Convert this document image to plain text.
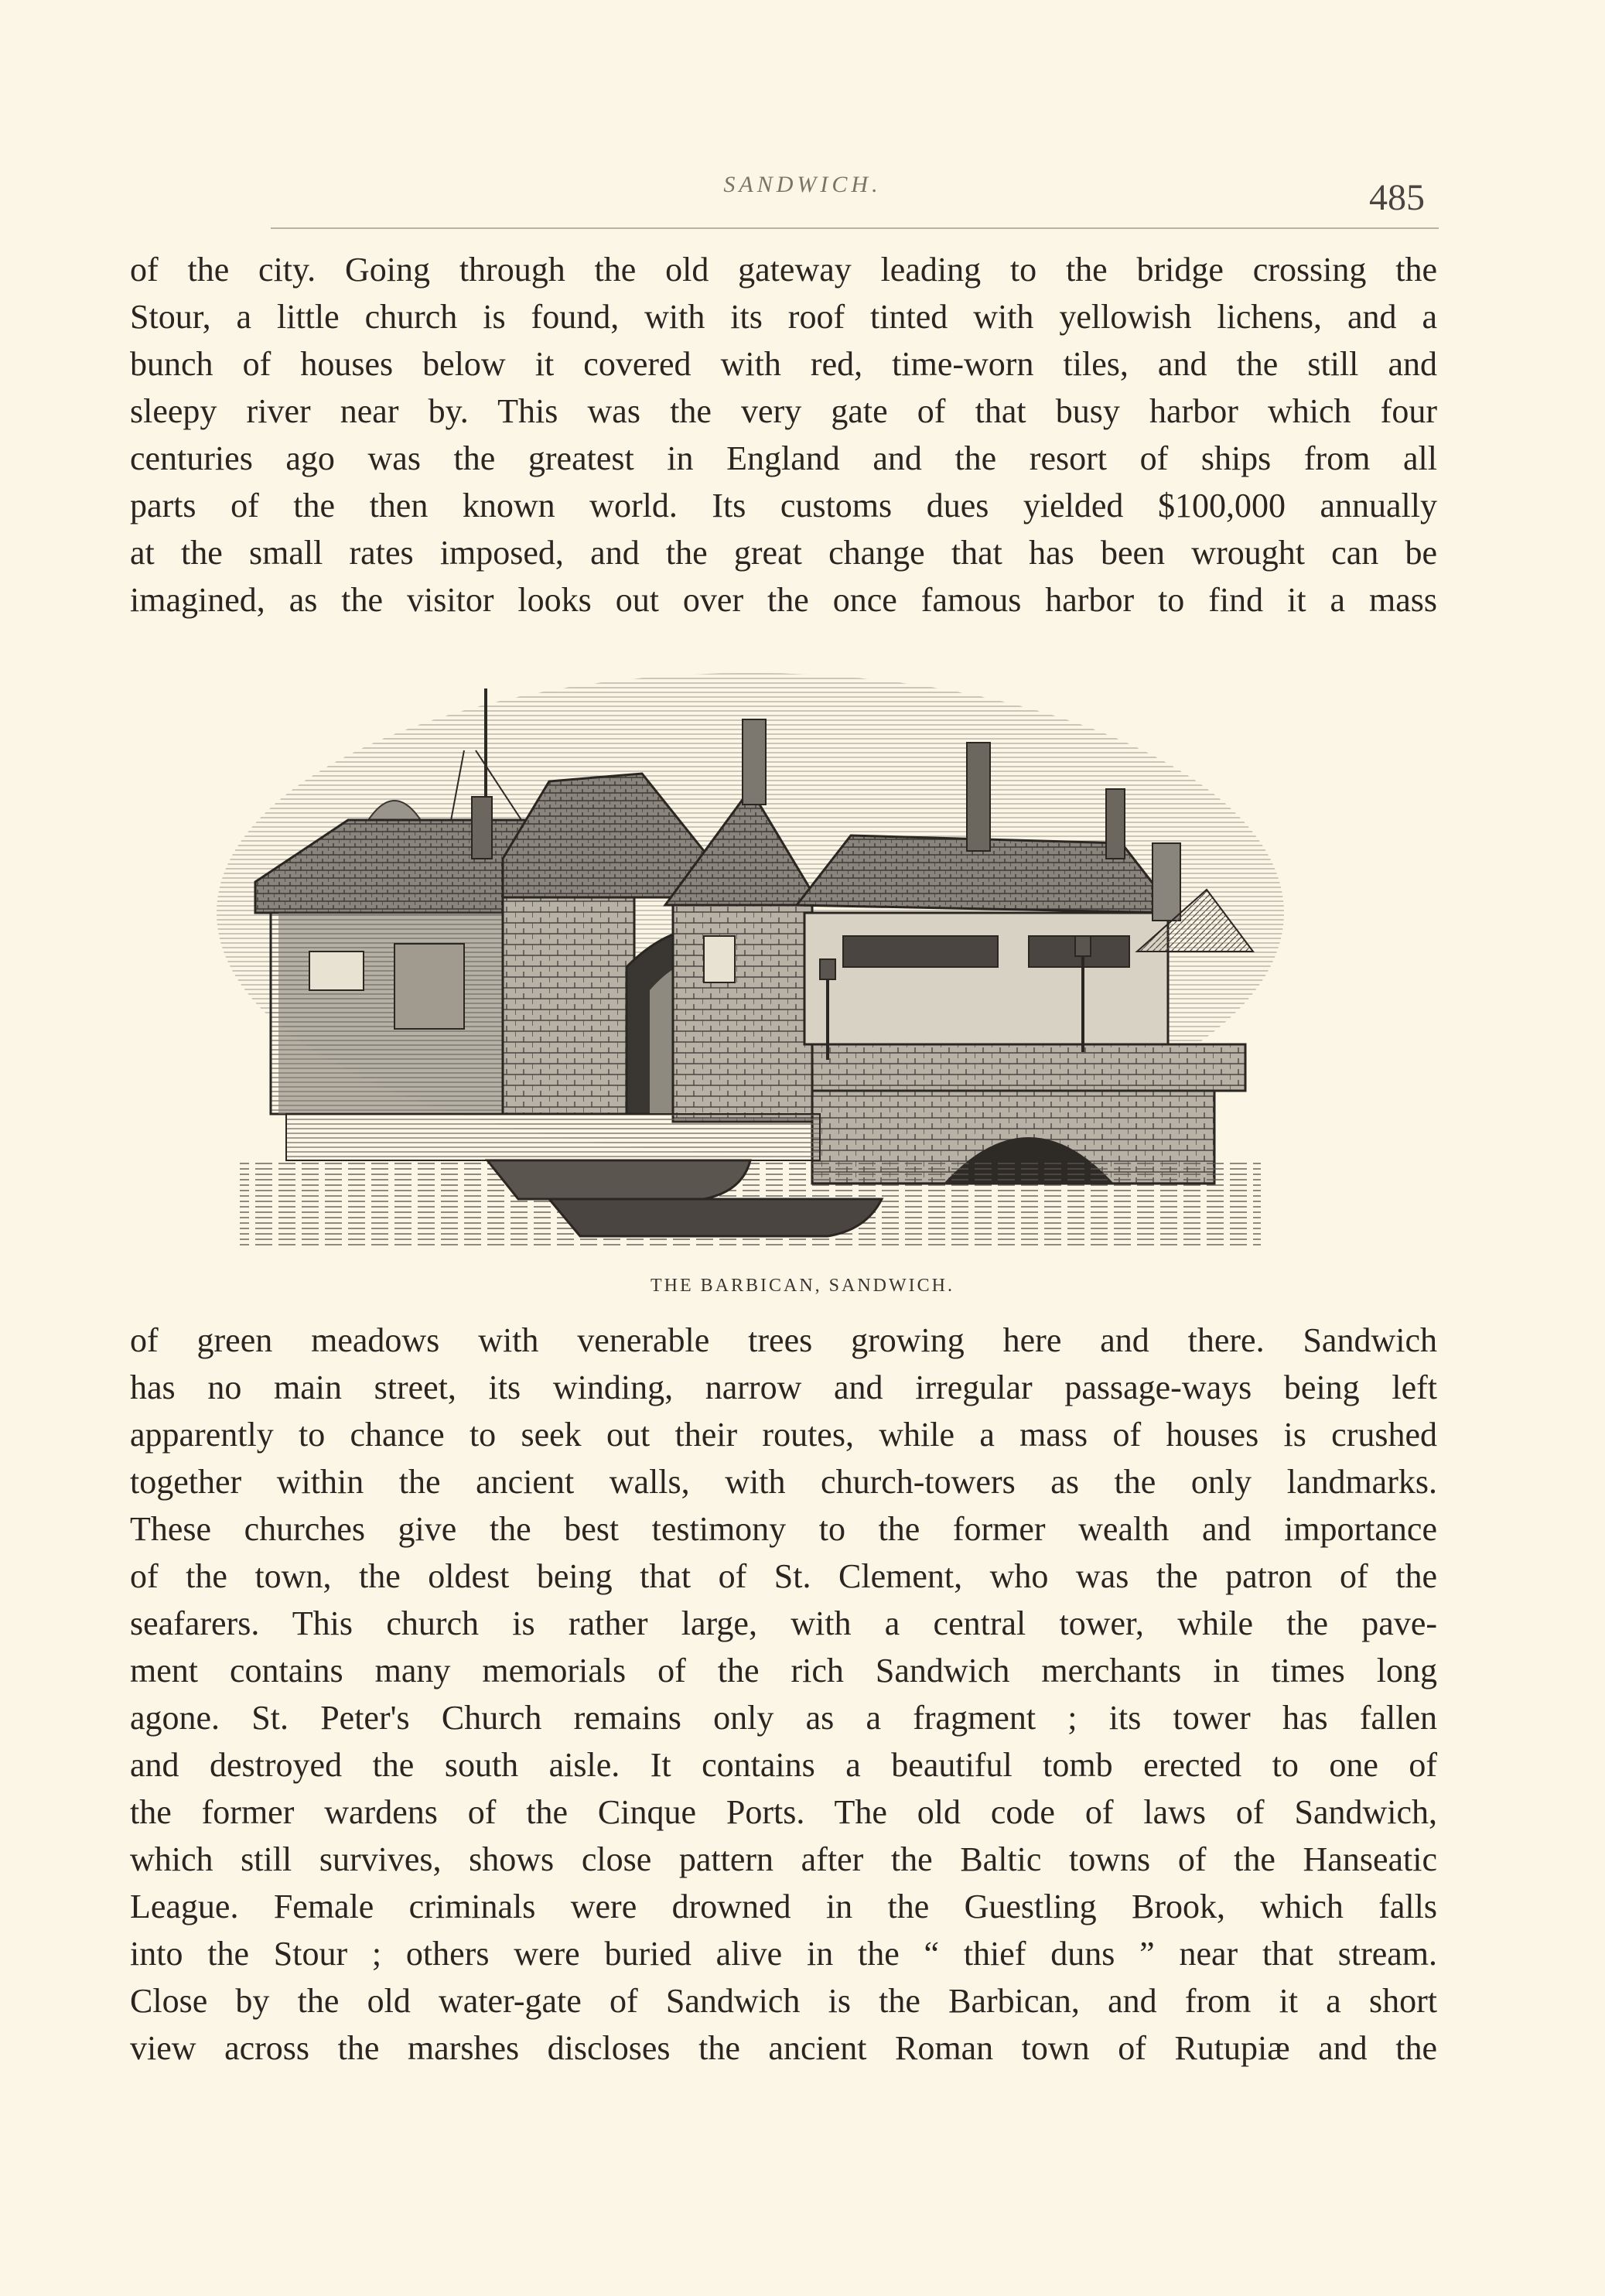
SANDWICH.	485
of the city. Going through the old gateway leading to the bridge crossing the
Stour, a little church is found, with its roof tinted with yellowish lichens, and a
bunch of houses below it covered with red, time-worn tiles, and the still and
sleepy river near by. This was the very gate of that busy harbor which four
centuries ago was the greatest in England and the resort of ships from all
parts of the then known world. Its customs dues yielded $100,000 annually
at the small rates imposed, and the great change that has been wrought can be
imagined, as the visitor looks out over the once famous harbor to find it a mass
THE BARBICAN, SANDWICH.
of green meadows with venerable trees growing here and there. Sandwich
has no main street, its winding, narrow and irregular passage-ways being left
apparently to chance to seek out their routes, while a mass of houses is crushed
together within the ancient walls, with church-towers as the only landmarks.
These churches give the best testimony to the former wealth and importance
of the town, the oldest being that of St. Clement, who was the patron of the
seafarers. This church is rather large, with a central tower, while the pave-
ment contains many memorials of the rich Sandwich merchants in times long
agone. St. Peter's Church remains only as a fragment ; its tower has fallen
and destroyed the south aisle. It contains a beautiful tomb erected to one of
the former wardens of the Cinque Ports. The old code of laws of Sandwich,
which still survives, shows close pattern after the Baltic towns of the Hanseatic
League. Female criminals were drowned in the Guestling Brook, which falls
into the Stour ; others were buried alive in the “ thief duns ” near that stream.
Close by the old water-gate of Sandwich is the Barbican, and from it a short
view across the marshes discloses the ancient Roman town of Rutupiæ and the
